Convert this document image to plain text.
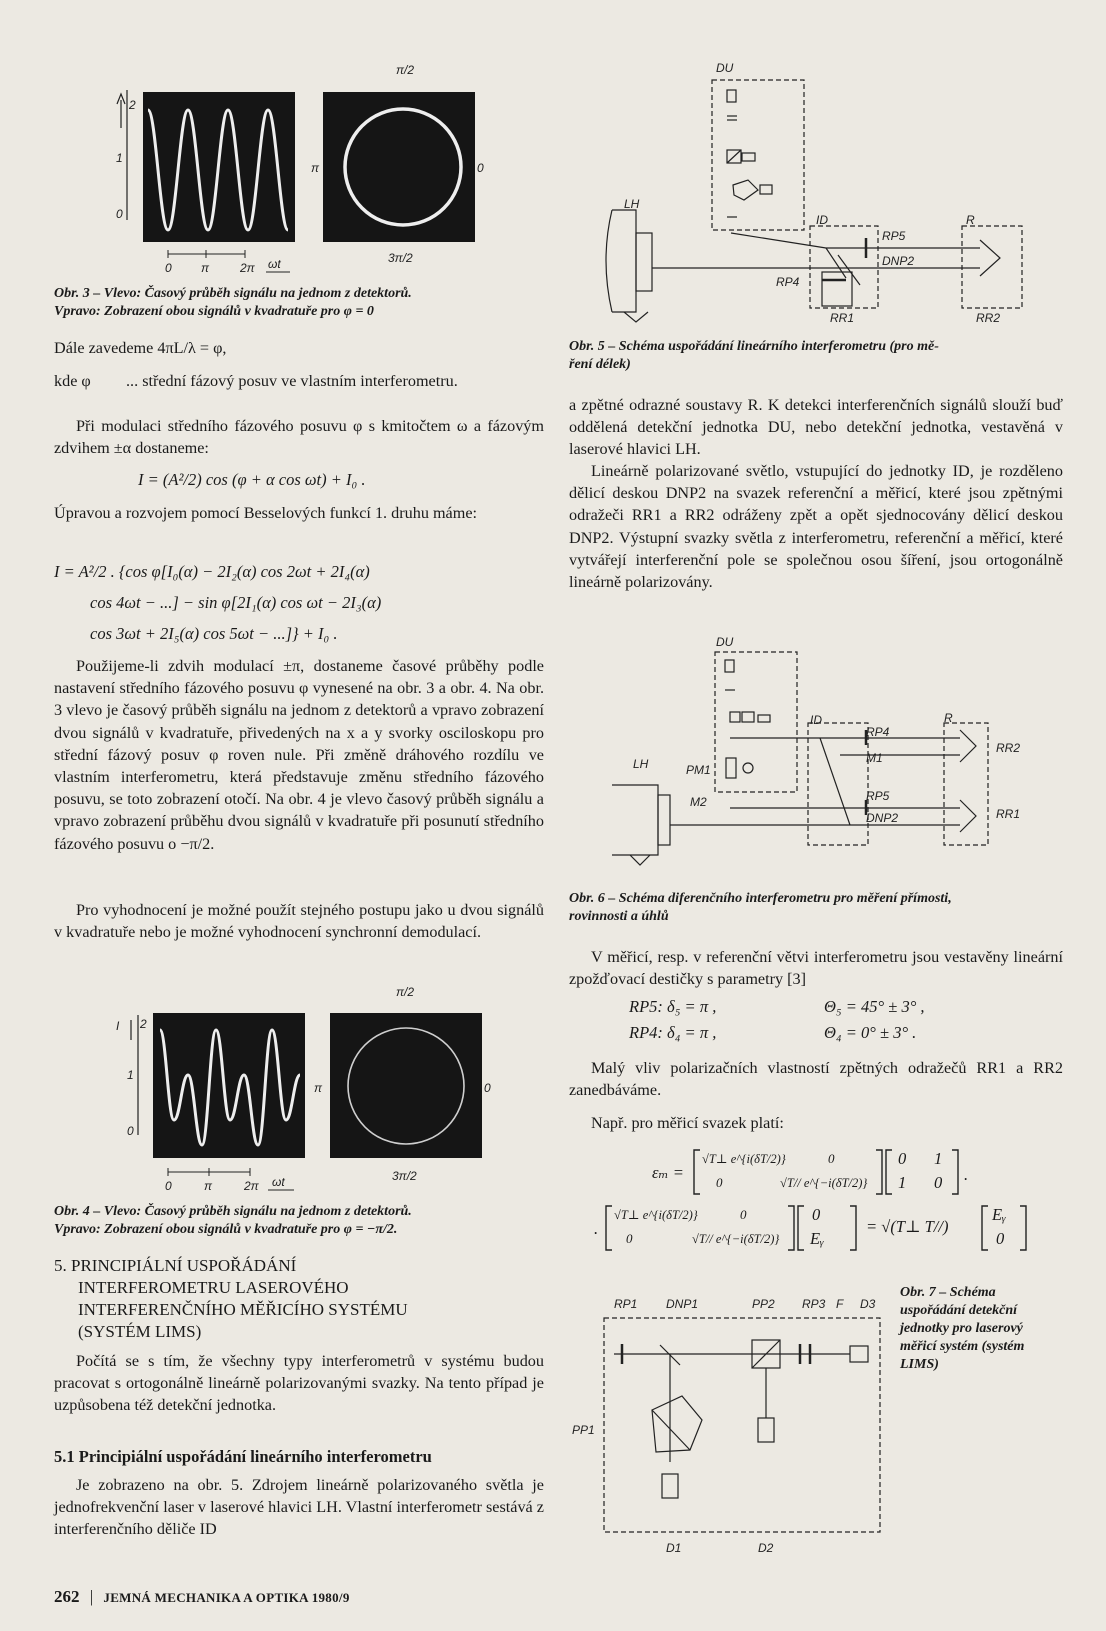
2
1
0
0 π	2π ωt
π/2
π	0
3π/2

Obr. 3 – Vlevo: Časový průběh signálu na jednom z detektorů.

Vpravo: Zobrazení obou signálů v kvadratuře pro φ = 0

Dále zavedeme 4πL/λ = φ,

kde φ	... střední fázový posuv ve vlastním interferometru.

Při modulaci středního fázového posuvu φ s kmitočtem ω a fázovým zdvihem ±α dostaneme:

I = (A²/2) cos (φ + α cos ωt) + I₀ .

Úpravou a rozvojem pomocí Besselových funkcí 1. druhu máme:

I = A²/2 . {cos φ[I₀(α) − 2I₂(α) cos 2ωt + 2I₄(α)

cos 4ωt − ...] − sin φ[2I₁(α) cos ωt − 2I₃(α)

cos 3ωt + 2I₅(α) cos 5ωt − ...]} + I₀ .

Použijeme-li zdvih modulací ±π, dostaneme časové průběhy podle nastavení středního fázového posuvu φ vynesené na obr. 3 a obr. 4. Na obr. 3 vlevo je časový průběh signálu na jednom z detektorů a vpravo zobrazení dvou signálů v kvadratuře, přivedených na x a y svorky osciloskopu pro střední fázový posuv φ roven nule. Při změně dráhového rozdílu ve vlastním interferometru, která představuje změnu středního fázového posuvu, se toto zobrazení otočí. Na obr. 4 je vlevo časový průběh signálu a vpravo zobrazení průběhu dvou signálů v kvadratuře při posunutí středního fázového posuvu o −π/2.

Pro vyhodnocení je možné použít stejného postupu jako u dvou signálů v kvadratuře nebo je možné vyhodnocení synchronní demodulací.

I 2
1
0
0	π	2π ωt
π/2
π	0
3π/2

Obr. 4 – Vlevo: Časový průběh signálu na jednom z detektorů.

Vpravo: Zobrazení obou signálů v kvadratuře pro φ = −π/2.

5. PRINCIPIÁLNÍ USPOŘÁDÁNÍ

INTERFEROMETRU LASEROVÉHO

INTERFERENČNÍHO MĚŘICÍHO SYSTÉMU

(SYSTÉM LIMS)

Počítá se s tím, že všechny typy interferometrů v systému budou pracovat s ortogonálně lineárně polarizovanými svazky. Na tento případ je uzpůsobena též detekční jednotka.

5.1 Principiální uspořádání lineárního interferometru

Je zobrazeno na obr. 5. Zdrojem lineárně polarizovaného světla je jednofrekvenční laser v laserové hlavici LH. Vlastní interferometr sestává z interferenčního děliče ID

DU
LH
ID
RP5
DNP2
RP4
R
RR1	RR2

Obr. 5 – Schéma uspořádání lineárního interferometru (pro mě-

ření délek)

a zpětné odrazné soustavy R. K detekci interferenčních signálů slouží buď oddělená detekční jednotka DU, nebo detekční jednotka, vestavěná v laserové hlavici LH.

Lineárně polarizované světlo, vstupující do jednotky ID, je rozděleno dělicí deskou DNP2 na svazek referenční a měřicí, které jsou zpětnými odražeči RR1 a RR2 odráženy zpět a opět sjednocovány dělicí deskou DNP2. Výstupní svazky světla z interferometru, referenční a měřicí, které vytvářejí interferenční pole se společnou osou šíření, jsou ortogonálně lineárně polarizovány.

DU
LH
ID
RP4
M1
RP5
DNP2
R
RR2
RR1
PM1
M2

Obr. 6 – Schéma diferenčního interferometru pro měření přímosti,

rovinnosti a úhlů

V měřicí, resp. v referenční větvi interferometru jsou vestavěny lineární zpožďovací destičky s parametry [3]

RP5: δ₅ = π ,	Θ₅ = 45° ± 3° ,

RP4: δ₄ = π ,	Θ₄ = 0° ± 3° .

Malý vliv polarizačních vlastností zpětných odražečů RR1 a RR2 zanedbáváme.

Např. pro měřicí svazek platí:

εₘ =
√T⊥ e^{i(δT/2)}	0
0	√T// e^{−i(δT/2)}
0 1
1 0 .
.
√T⊥ e^{i(δT/2)}	0
0	√T// e^{−i(δT/2)}
0
Eᵧ
= √(T⊥ T//)
Eᵧ
0
RP1 DNP1	PP2 RP3 F D3
PP1
D1	D2

Obr. 7 – Schéma

uspořádání detekční

jednotky pro laserový

měřicí systém (systém

LIMS)

262 | JEMNÁ MECHANIKA A OPTIKA 1980/9
